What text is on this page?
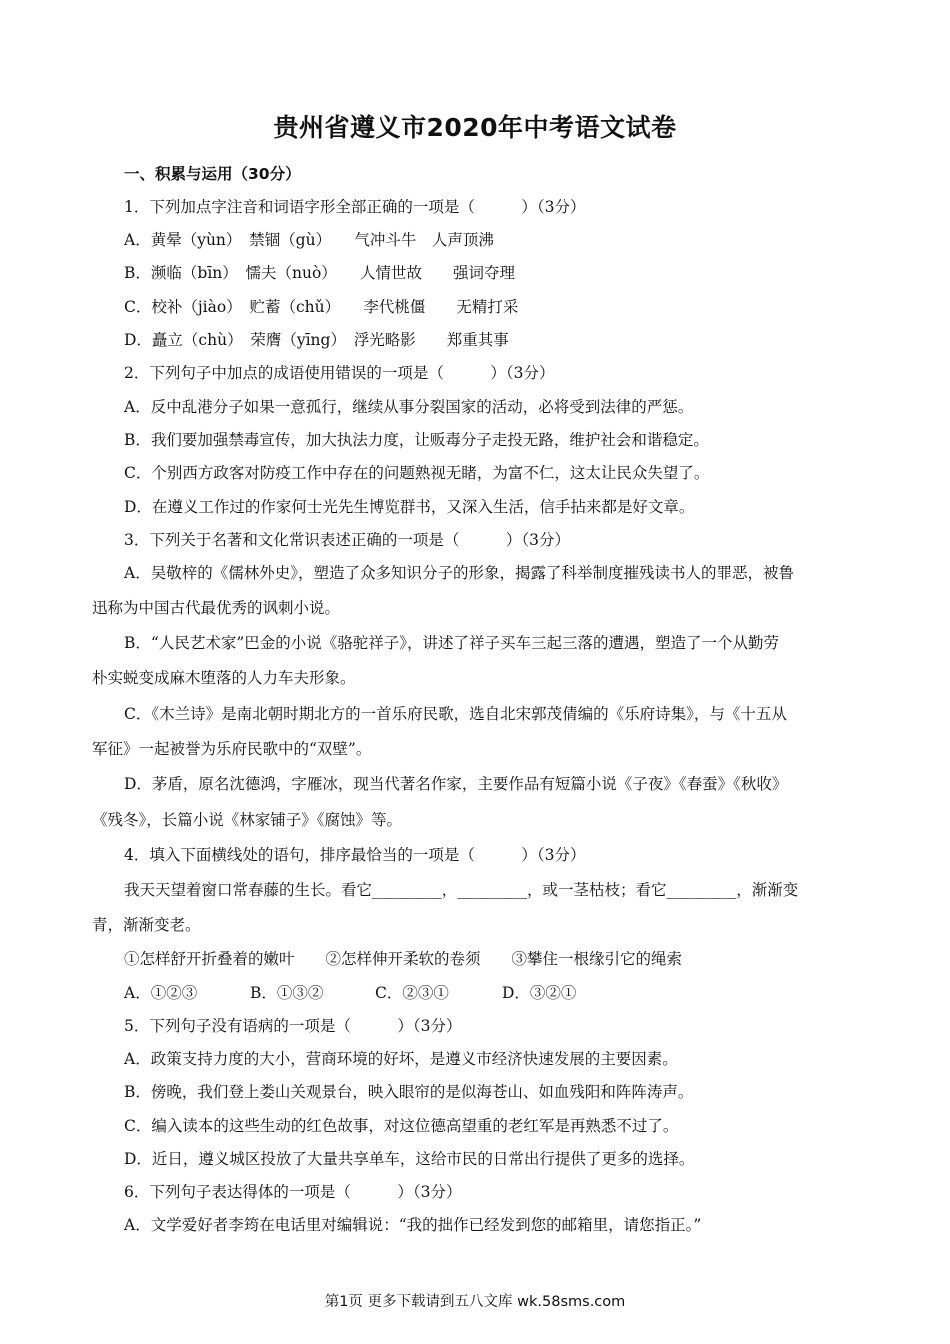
贵州省遵义市2020年中考语文试卷
一、积累与运用（30分）
1．下列加点字注音和词语字形全部正确的一项是（　　　）（3分）
A．黄晕（yùn）　禁锢（gù）　　气冲斗牛　人声顶沸
B．濒临（bīn）　懦夫（nuò）　　人情世故　　强词夺理
C．校补（jiào）　贮蓄（chǔ）　　李代桃僵　　无精打采
D．矗立（chù）　荣膺（yīng）　浮光略影　　郑重其事
2．下列句子中加点的成语使用错误的一项是（　　　）（3分）
A．反中乱港分子如果一意孤行，继续从事分裂国家的活动，必将受到法律的严惩。
B．我们要加强禁毒宣传，加大执法力度，让贩毒分子走投无路，维护社会和谐稳定。
C．个别西方政客对防疫工作中存在的问题熟视无睹，为富不仁，这太让民众失望了。
D．在遵义工作过的作家何士光先生博览群书，又深入生活，信手拈来都是好文章。
3．下列关于名著和文化常识表述正确的一项是（　　　）（3分）
A．吴敬梓的《儒林外史》，塑造了众多知识分子的形象，揭露了科举制度摧残读书人的罪恶，被鲁
迅称为中国古代最优秀的讽刺小说。
B．“人民艺术家”巴金的小说《骆驼祥子》，讲述了祥子买车三起三落的遭遇，塑造了一个从勤劳
朴实蜕变成麻木堕落的人力车夫形象。
C．《木兰诗》是南北朝时期北方的一首乐府民歌，选自北宋郭茂倩编的《乐府诗集》，与《十五从
军征》一起被誉为乐府民歌中的“双壁”。
D．茅盾，原名沈德鸿，字雁冰，现当代著名作家，主要作品有短篇小说《子夜》《春蚕》《秋收》
《残冬》，长篇小说《林家铺子》《腐蚀》等。
4．填入下面横线处的语句，排序最恰当的一项是（　　　）（3分）
我天天望着窗口常春藤的生长。看它_________，_________，或一茎枯枝；看它_________，渐渐变
青，渐渐变老。
①怎样舒开折叠着的嫩叶　　②怎样伸开柔软的卷须　　③攀住一根缘引它的绳索
A．①②③	B．①③②	C．②③①	D．③②①
5．下列句子没有语病的一项是（　　　）（3分）
A．政策支持力度的大小，营商环境的好坏，是遵义市经济快速发展的主要因素。
B．傍晚，我们登上娄山关观景台，映入眼帘的是似海苍山、如血残阳和阵阵涛声。
C．编入读本的这些生动的红色故事，对这位德高望重的老红军是再熟悉不过了。
D．近日，遵义城区投放了大量共享单车，这给市民的日常出行提供了更多的选择。
6．下列句子表达得体的一项是（　　　）（3分）
A．文学爱好者李筠在电话里对编辑说：“我的拙作已经发到您的邮箱里，请您指正。”
第1页 更多下载请到五八文库 wk.58sms.com
